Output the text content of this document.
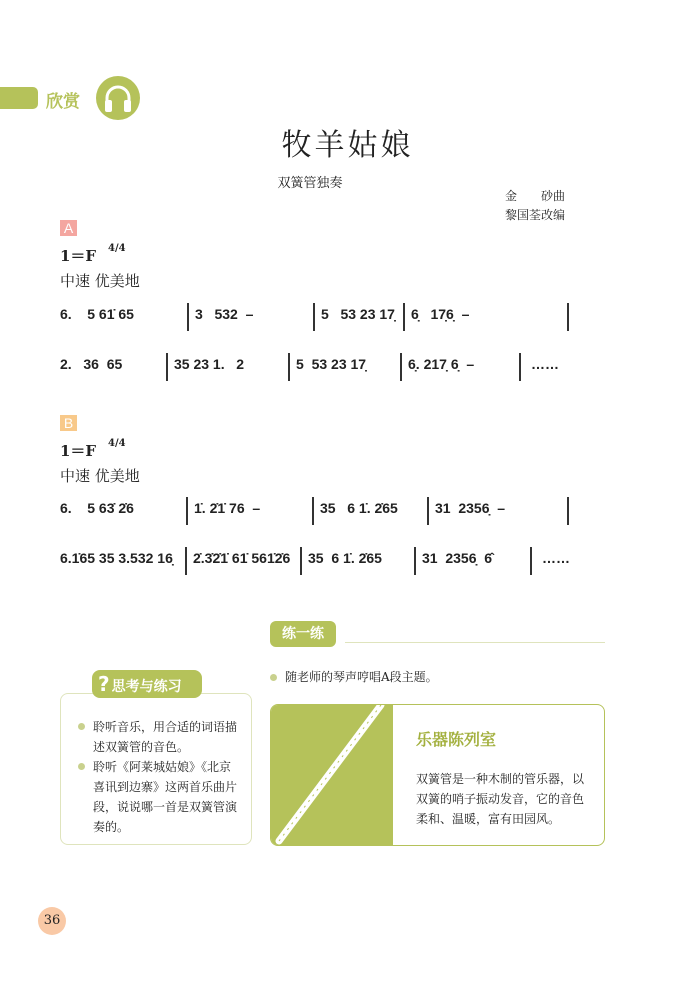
欣赏
牧羊姑娘
双簧管独奏
金　　砂曲
黎国荃改编
A
1＝F 4/4
中速 优美地
6.    5 61̇ 65	3   532  –	5   53 23 17̣ 6̣   17̣6̣  –
2.   36  65	35 23 1.   2	5  53 23 17̣	6̣. 217̣ 6̣  –	……
B
1＝F 4/4
中速 优美地
6.    5 63̇ 2̇6	1̇. 2̇1̇ 76  –	35   6 1̇. 2̇65	31  2356̣  –
6.1̇65 35 3.532 16̣ 2̇.3̇2̇1̇ 61̇ 561̇2̇6 35  6 1̇. 2̇65	31  2356̣  6̂	……
练一练
随老师的琴声哼唱A段主题。
? 思考与练习
聆听音乐，用合适的词语描述双簧管的音色。
聆听《阿莱城姑娘》《北京喜讯到边寨》这两首乐曲片段，说说哪一首是双簧管演奏的。
乐器陈列室
双簧管是一种木制的管乐器，以双簧的哨子振动发音，它的音色柔和、温暖，富有田园风。
36
